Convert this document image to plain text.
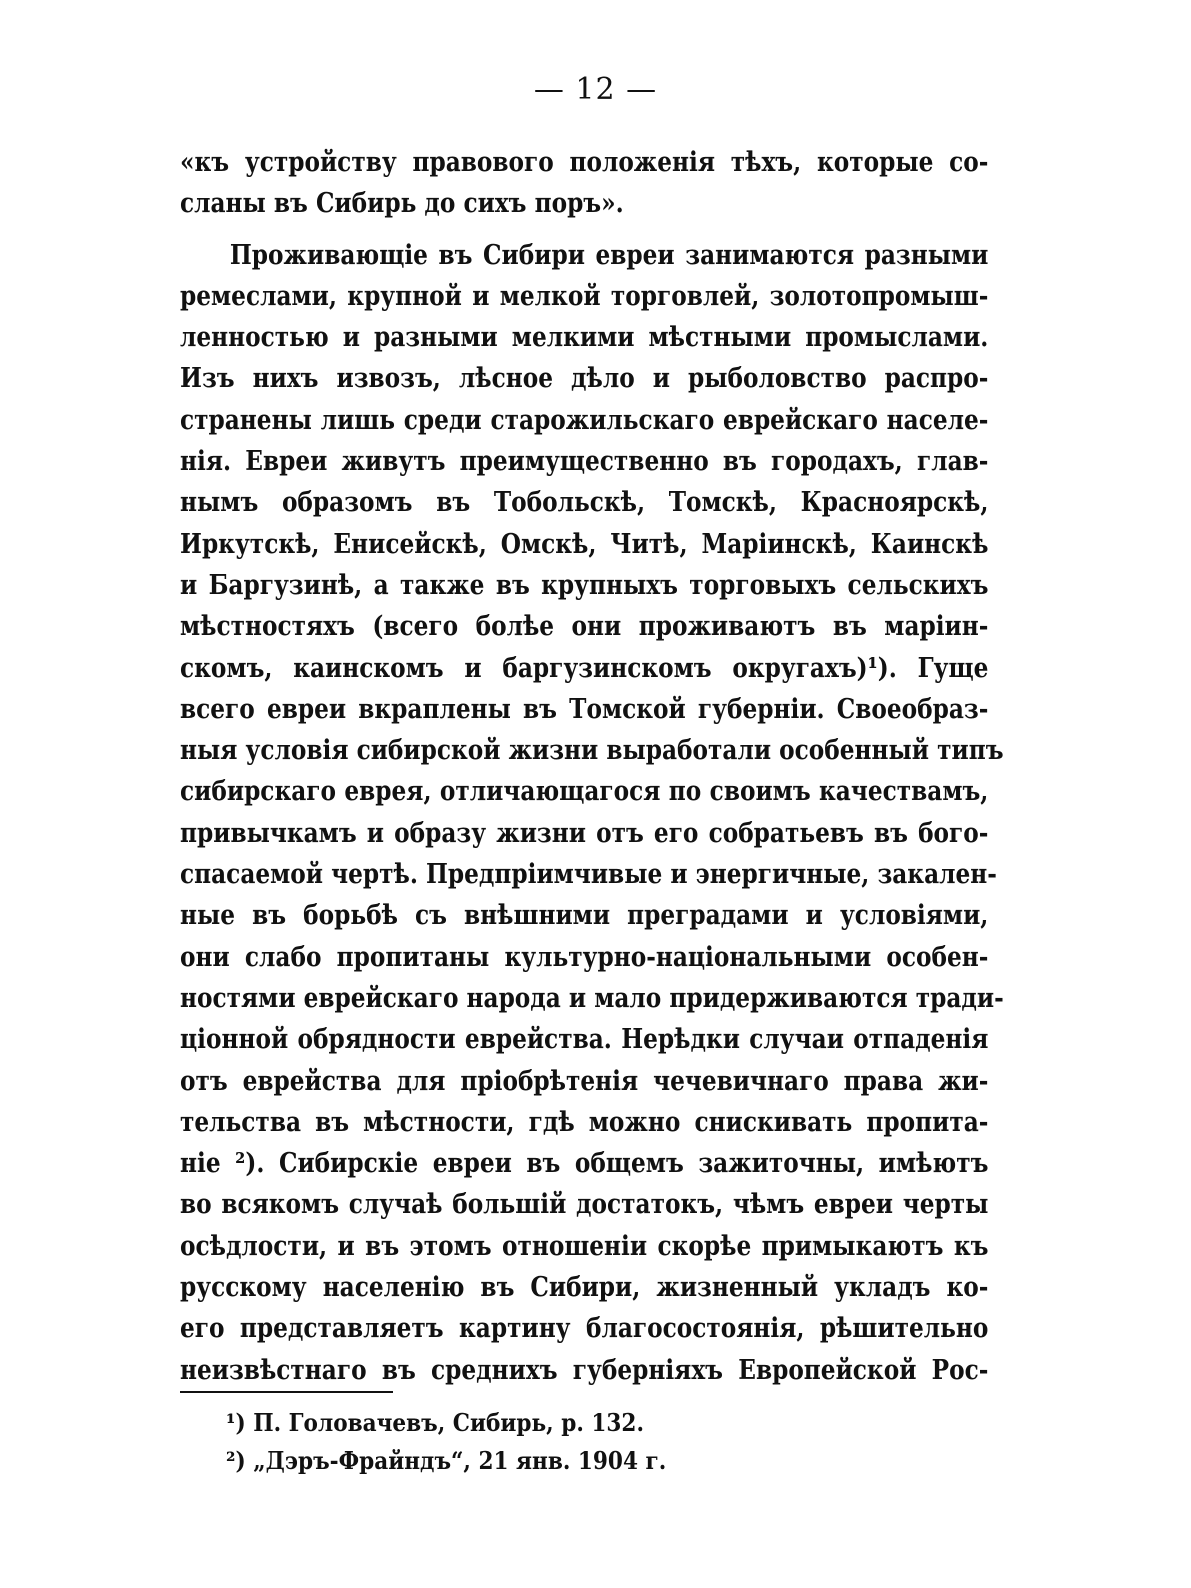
— 12 —
«къ устройству правового положенія тѣхъ, которые со-
сланы въ Сибирь до сихъ поръ».
Проживающіе въ Сибири евреи занимаются разными
ремеслами, крупной и мелкой торговлей, золотопромыш-
ленностью и разными мелкими мѣстными промыслами.
Изъ нихъ извозъ, лѣсное дѣло и рыболовство распро-
странены лишь среди старожильскаго еврейскаго населе-
нія. Евреи живутъ преимущественно въ городахъ, глав-
нымъ образомъ въ Тобольскѣ, Томскѣ, Красноярскѣ,
Иркутскѣ, Енисейскѣ, Омскѣ, Читѣ, Маріинскѣ, Каинскѣ
и Баргузинѣ, а также въ крупныхъ торговыхъ сельскихъ
мѣстностяхъ (всего болѣе они проживаютъ въ маріин-
скомъ, каинскомъ и баргузинскомъ округахъ)¹). Гуще
всего евреи вкраплены въ Томской губерніи. Своеобраз-
ныя условія сибирской жизни выработали особенный типъ
сибирскаго еврея, отличающагося по своимъ качествамъ,
привычкамъ и образу жизни отъ его собратьевъ въ бого-
спасаемой чертѣ. Предпріимчивые и энергичные, закален-
ные въ борьбѣ съ внѣшними преградами и условіями,
они слабо пропитаны культурно-національными особен-
ностями еврейскаго народа и мало придерживаются тради-
ціонной обрядности еврейства. Нерѣдки случаи отпаденія
отъ еврейства для пріобрѣтенія чечевичнаго права жи-
тельства въ мѣстности, гдѣ можно снискивать пропита-
ніе ²). Сибирскіе евреи въ общемъ зажиточны, имѣютъ
во всякомъ случаѣ большій достатокъ, чѣмъ евреи черты
осѣдлости, и въ этомъ отношеніи скорѣе примыкаютъ къ
русскому населенію въ Сибири, жизненный укладъ ко-
его представляетъ картину благосостоянія, рѣшительно
неизвѣстнаго въ среднихъ губерніяхъ Европейской Рос-
¹) П. Головачевъ, Сибирь, р. 132.
²) „Дэръ-Фрайндъ“, 21 янв. 1904 г.
